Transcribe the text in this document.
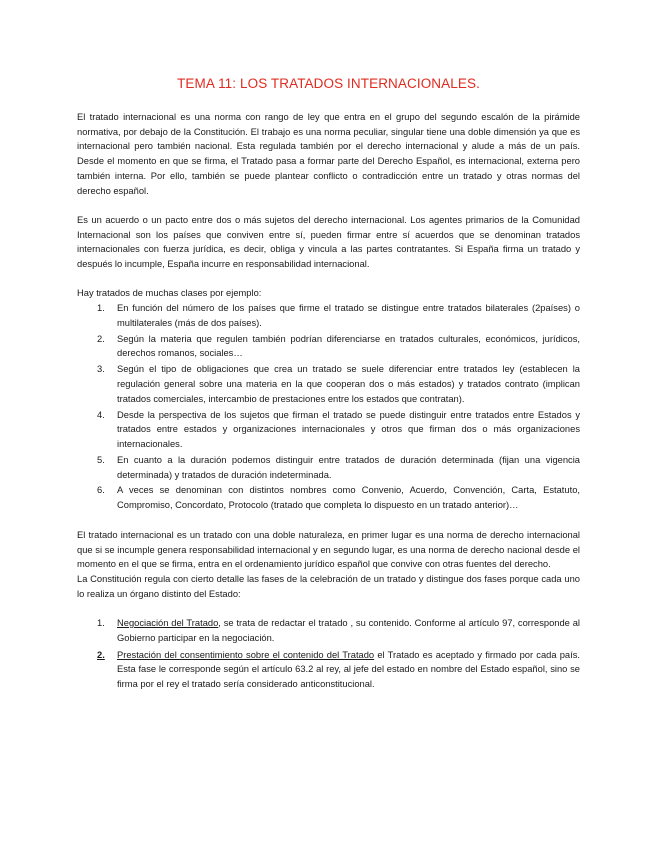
TEMA 11: LOS TRATADOS INTERNACIONALES.

El tratado internacional es una norma con rango de ley que entra en el grupo del segundo escalón de la pirámide normativa, por debajo de la Constitución. El trabajo es una norma peculiar, singular tiene una doble dimensión ya que es internacional pero también nacional. Esta regulada también por el derecho internacional y alude a más de un país. Desde el momento en que se firma, el Tratado pasa a formar parte del Derecho Español, es internacional, externa pero también interna. Por ello, también se puede plantear conflicto o contradicción entre un tratado y otras normas del derecho español.

Es un acuerdo o un pacto entre dos o más sujetos del derecho internacional. Los agentes primarios de la Comunidad Internacional son los países que conviven entre sí, pueden firmar entre sí acuerdos que se denominan tratados internacionales con fuerza jurídica, es decir, obliga y vincula a las partes contratantes. Si España firma un tratado y después lo incumple, España incurre en responsabilidad internacional.

Hay tratados de muchas clases por ejemplo:

1. En función del número de los países que firme el tratado se distingue entre tratados bilaterales (2países) o multilaterales (más de dos países).
2. Según la materia que regulen también podrían diferenciarse en tratados culturales, económicos, jurídicos, derechos romanos, sociales…
3. Según el tipo de obligaciones que crea un tratado se suele diferenciar entre tratados ley (establecen la regulación general sobre una materia en la que cooperan dos o más estados) y tratados contrato (implican tratados comerciales, intercambio de prestaciones entre los estados que contratan).
4. Desde la perspectiva de los sujetos que firman el tratado se puede distinguir entre tratados entre Estados y tratados entre estados y organizaciones internacionales y otros que firman dos o más organizaciones internacionales.
5. En cuanto a la duración podemos distinguir entre tratados de duración determinada (fijan una vigencia determinada) y tratados de duración indeterminada.
6. A veces se denominan con distintos nombres como Convenio, Acuerdo, Convención, Carta, Estatuto, Compromiso, Concordato, Protocolo (tratado que completa lo dispuesto en un tratado anterior)…

El tratado internacional es un tratado con una doble naturaleza, en primer lugar es una norma de derecho internacional que si se incumple genera responsabilidad internacional y en segundo lugar, es una norma de derecho nacional desde el momento en el que se firma, entra en el ordenamiento jurídico español que convive con otras fuentes del derecho.

La Constitución regula con cierto detalle las fases de la celebración de un tratado y distingue dos fases porque cada uno lo realiza un órgano distinto del Estado:

1. Negociación del Tratado, se trata de redactar el tratado , su contenido. Conforme al artículo 97, corresponde al Gobierno participar en la negociación.
2. Prestación del consentimiento sobre el contenido del Tratado el Tratado es aceptado y firmado por cada país. Esta fase le corresponde según el artículo 63.2 al rey, al jefe del estado en nombre del Estado español, sino se firma por el rey el tratado sería considerado anticonstitucional.
